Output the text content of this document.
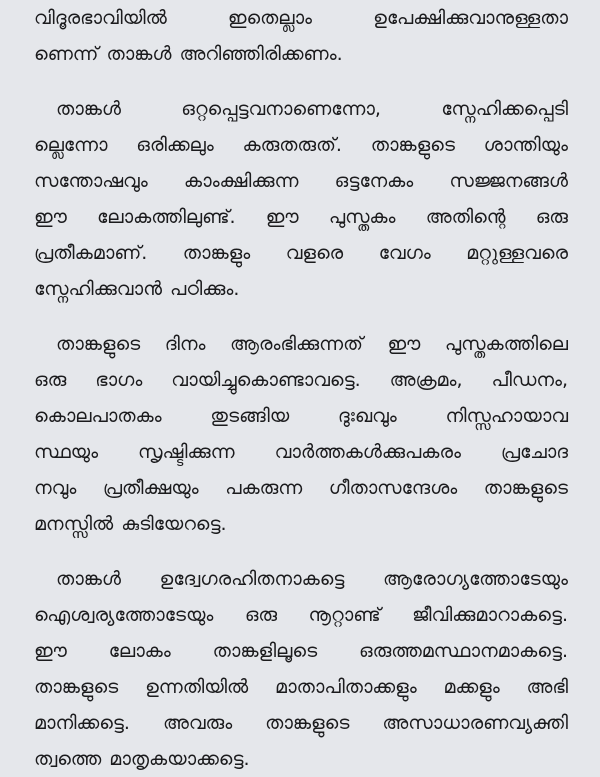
വിദൂരഭാവിയിൽ ഇതെല്ലാം ഉപേക്ഷിക്കുവാനുള്ളതാ
ണെന്ന് താങ്കൾ അറിഞ്ഞിരിക്കണം.
താങ്കൾ ഒറ്റപ്പെട്ടവനാണെന്നോ, സ്നേഹിക്കപ്പെടി
ല്ലെന്നോ ഒരിക്കലും കരുതരുത്. താങ്കളുടെ ശാന്തിയും
സന്തോഷവും കാംക്ഷിക്കുന്ന ഒട്ടനേകം സജ്ജനങ്ങൾ
ഈ ലോകത്തിലുണ്ട്. ഈ പുസ്തകം അതിന്റെ ഒരു
പ്രതീകമാണ്. താങ്കളും വളരെ വേഗം മറ്റുള്ളവരെ
സ്നേഹിക്കുവാൻ പഠിക്കും.
താങ്കളുടെ ദിനം ആരംഭിക്കുന്നത് ഈ പുസ്തകത്തിലെ
ഒരു ഭാഗം വായിച്ചുകൊണ്ടാവട്ടെ. അക്രമം, പീഡനം,
കൊലപാതകം തുടങ്ങിയ ദുഃഖവും നിസ്സഹായാവ
സ്ഥയും സൃഷ്ടിക്കുന്ന വാർത്തകൾക്കുപകരം പ്രചോദ
നവും പ്രതീക്ഷയും പകരുന്ന ഗീതാസന്ദേശം താങ്കളുടെ
മനസ്സിൽ കുടിയേറട്ടെ.
താങ്കൾ ഉദ്വേഗരഹിതനാകട്ടെ ആരോഗ്യത്തോടേയും
ഐശ്വര്യത്തോടേയും ഒരു നൂറ്റാണ്ട് ജീവിക്കുമാറാകട്ടെ.
ഈ ലോകം താങ്കളിലൂടെ ഒരുത്തമസ്ഥാനമാകട്ടെ.
താങ്കളുടെ ഉന്നതിയിൽ മാതാപിതാക്കളും മക്കളും അഭി
മാനിക്കട്ടെ. അവരും താങ്കളുടെ അസാധാരണവ്യക്തി
ത്വത്തെ മാതൃകയാക്കട്ടെ.
